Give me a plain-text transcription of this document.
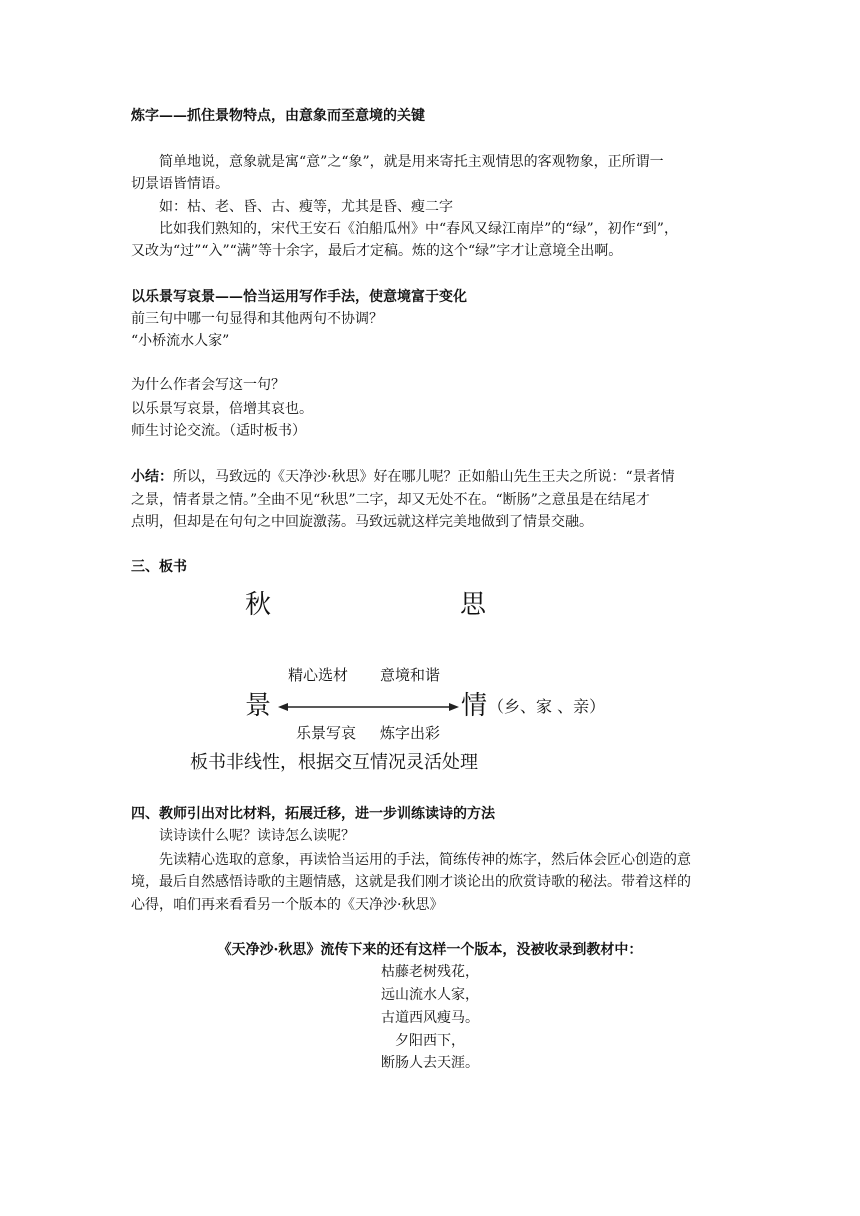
炼字——抓住景物特点，由意象而至意境的关键
简单地说，意象就是寓“意”之“象”，就是用来寄托主观情思的客观物象，正所谓一
切景语皆情语。
如：枯、老、昏、古、瘦等，尤其是昏、瘦二字
比如我们熟知的，宋代王安石《泊船瓜州》中“春风又绿江南岸”的“绿”，初作“到”，
又改为“过”“入”“满”等十余字，最后才定稿。炼的这个“绿”字才让意境全出啊。
以乐景写哀景——恰当运用写作手法，使意境富于变化
前三句中哪一句显得和其他两句不协调？
“小桥流水人家”
为什么作者会写这一句？
以乐景写哀景，倍增其哀也。
师生讨论交流。（适时板书）
小结：所以，马致远的《天净沙·秋思》好在哪儿呢？正如船山先生王夫之所说：“景者情
之景，情者景之情。”全曲不见“秋思”二字，却又无处不在。“断肠”之意虽是在结尾才
点明，但却是在句句之中回旋激荡。马致远就这样完美地做到了情景交融。
三、板书
秋	思
精心选材 意境和谐
景	情 （乡、家 、亲）
乐景写哀 炼字出彩
板书非线性，根据交互情况灵活处理
四、教师引出对比材料，拓展迁移，进一步训练读诗的方法
读诗读什么呢？读诗怎么读呢？
先读精心选取的意象，再读恰当运用的手法，简练传神的炼字，然后体会匠心创造的意
境，最后自然感悟诗歌的主题情感，这就是我们刚才谈论出的欣赏诗歌的秘法。带着这样的
心得，咱们再来看看另一个版本的《天净沙·秋思》
《天净沙·秋思》流传下来的还有这样一个版本，没被收录到教材中：
枯藤老树残花，
远山流水人家，
古道西风瘦马。
夕阳西下，
断肠人去天涯。
